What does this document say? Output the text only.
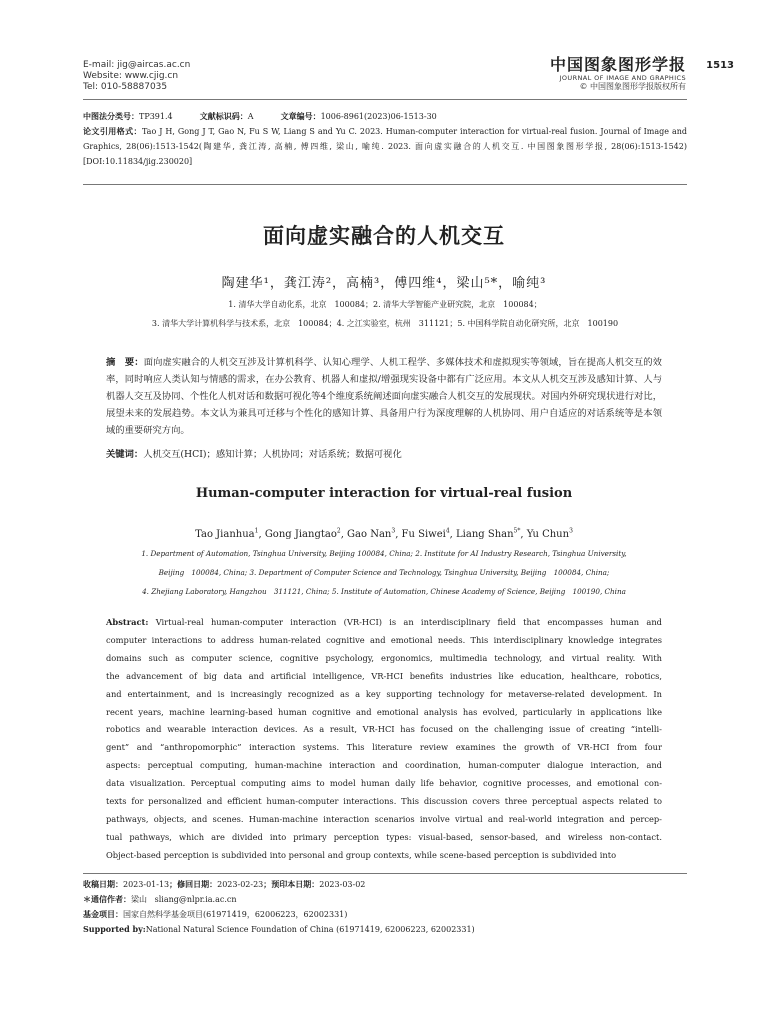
E-mail: jig@aircas.ac.cn
Website: www.cjig.cn
Tel: 010-58887035
中国图象图形学报
JOURNAL OF IMAGE AND GRAPHICS
© 中国图象图形学报版权所有
1513
中图法分类号：TP391.4	文献标识码：A	文章编号：1006-8961(2023)06-1513-30
论文引用格式：Tao J H, Gong J T, Gao N, Fu S W, Liang S and Yu C. 2023. Human-computer interaction for virtual-real fusion. Journal of Image and Graphics, 28(06):1513-1542(陶建华, 龚江涛, 高楠, 傅四维, 梁山, 喻纯. 2023. 面向虚实融合的人机交互. 中国图象图形学报, 28(06):1513-1542)[DOI:10.11834/jig.230020]
面向虚实融合的人机交互
陶建华¹，龚江涛²，高楠³，傅四维⁴，梁山⁵*，喻纯³
1. 清华大学自动化系，北京　100084；2. 清华大学智能产业研究院，北京　100084；
3. 清华大学计算机科学与技术系，北京　100084；4. 之江实验室，杭州　311121；5. 中国科学院自动化研究所，北京　100190
摘　要：面向虚实融合的人机交互涉及计算机科学、认知心理学、人机工程学、多媒体技术和虚拟现实等领域，旨在提高人机交互的效率，同时响应人类认知与情感的需求，在办公教育、机器人和虚拟/增强现实设备中都有广泛应用。本文从人机交互涉及感知计算、人与机器人交互及协同、个性化人机对话和数据可视化等4个维度系统阐述面向虚实融合人机交互的发展现状。对国内外研究现状进行对比，展望未来的发展趋势。本文认为兼具可迁移与个性化的感知计算、具备用户行为深度理解的人机协同、用户自适应的对话系统等是本领域的重要研究方向。
关键词：人机交互(HCI)；感知计算；人机协同；对话系统；数据可视化
Human-computer interaction for virtual-real fusion
Tao Jianhua$^1$, Gong Jiangtao$^2$, Gao Nan$^3$, Fu Siwei$^4$, Liang Shan$^{5*}$, Yu Chun$^3$
1. Department of Automation, Tsinghua University, Beijing 100084, China; 2. Institute for AI Industry Research, Tsinghua University,
Beijing　100084, China; 3. Department of Computer Science and Technology, Tsinghua University, Beijing　100084, China;
4. Zhejiang Laboratory, Hangzhou　311121, China; 5. Institute of Automation, Chinese Academy of Science, Beijing　100190, China
Abstract: Virtual-real human-computer interaction (VR-HCI) is an interdisciplinary field that encompasses human and
computer interactions to address human-related cognitive and emotional needs. This interdisciplinary knowledge integrates
domains such as computer science, cognitive psychology, ergonomics, multimedia technology, and virtual reality. With
the advancement of big data and artificial intelligence, VR-HCI benefits industries like education, healthcare, robotics,
and entertainment, and is increasingly recognized as a key supporting technology for metaverse-related development. In
recent years, machine learning-based human cognitive and emotional analysis has evolved, particularly in applications like
robotics and wearable interaction devices. As a result, VR-HCI has focused on the challenging issue of creating “intelli-
gent” and “anthropomorphic” interaction systems. This literature review examines the growth of VR-HCI from four
aspects: perceptual computing, human-machine interaction and coordination, human-computer dialogue interaction, and
data visualization. Perceptual computing aims to model human daily life behavior, cognitive processes, and emotional con-
texts for personalized and efficient human-computer interactions. This discussion covers three perceptual aspects related to
pathways, objects, and scenes. Human-machine interaction scenarios involve virtual and real-world integration and percep-
tual pathways, which are divided into primary perception types: visual-based, sensor-based, and wireless non-contact.
Object-based perception is subdivided into personal and group contexts, while scene-based perception is subdivided into
收稿日期：2023-01-13；修回日期：2023-02-23；预印本日期：2023-03-02
＊通信作者：梁山 sliang@nlpr.ia.ac.cn
基金项目：国家自然科学基金项目(61971419，62006223，62002331)
Supported by:National Natural Science Foundation of China (61971419, 62006223, 62002331)
